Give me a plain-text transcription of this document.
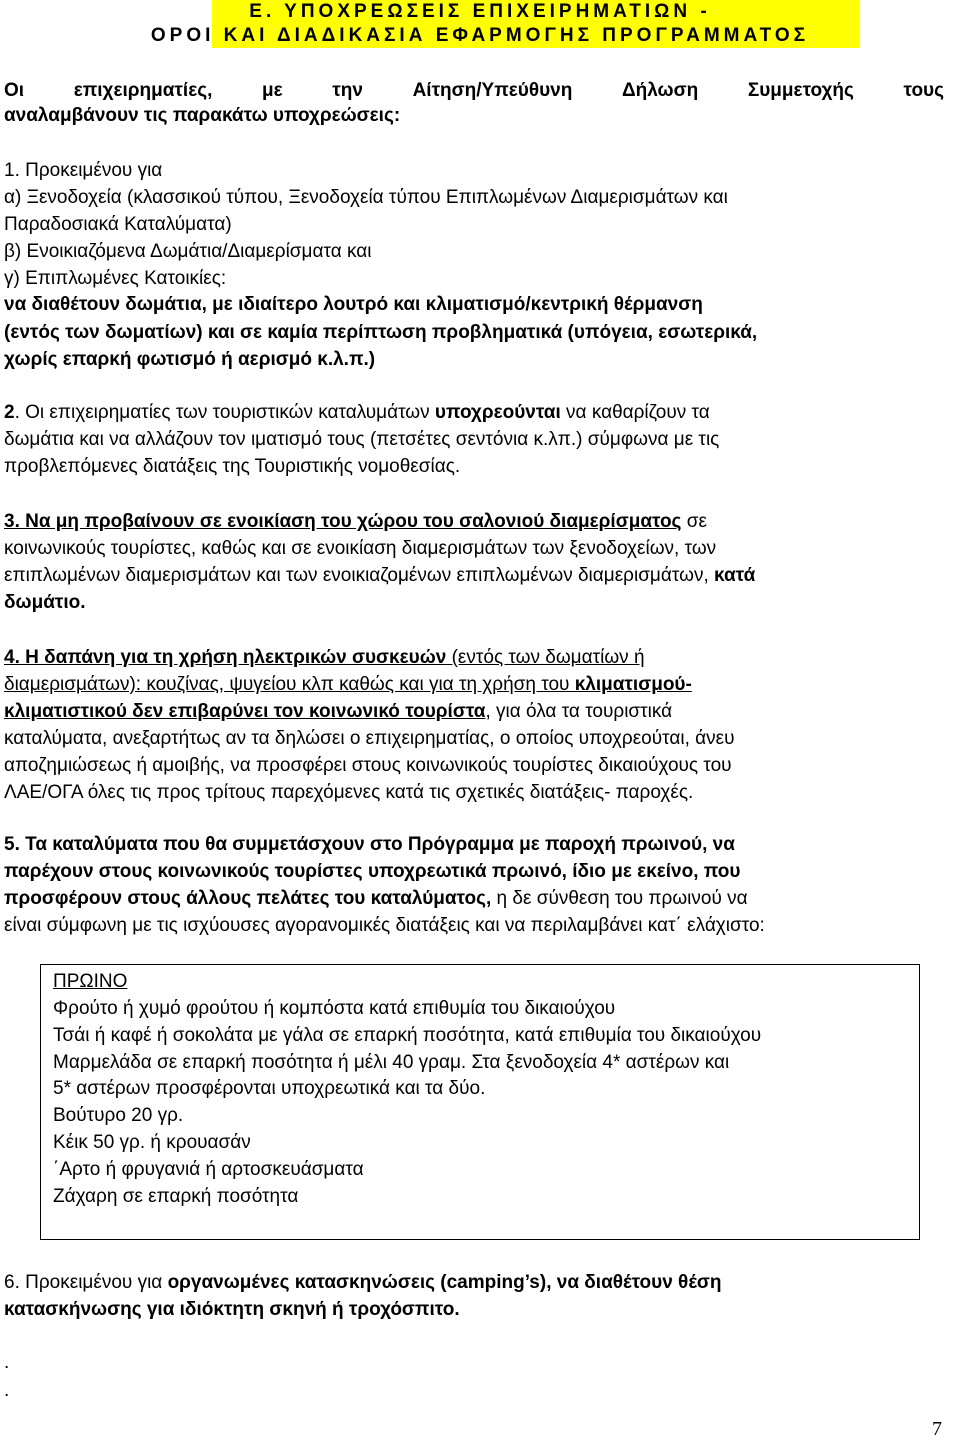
Ε. ΥΠΟΧΡΕΩΣΕΙΣ ΕΠΙΧΕΙΡΗΜΑΤΙΩΝ -
ΟΡΟΙ ΚΑΙ ΔΙΑΔΙΚΑΣΙΑ ΕΦΑΡΜΟΓΗΣ ΠΡΟΓΡΑΜΜΑΤΟΣ
Οι	επιχειρηματίες,	με	την	Αίτηση/Υπεύθυνη	Δήλωση	Συμμετοχής	τους
αναλαμβάνουν τις παρακάτω υποχρεώσεις:
1. Προκειμένου για
α) Ξενοδοχεία (κλασσικού τύπου, Ξενοδοχεία τύπου Επιπλωμένων Διαμερισμάτων και
Παραδοσιακά Καταλύματα)
β) Ενοικιαζόμενα Δωμάτια/Διαμερίσματα και
γ) Επιπλωμένες Κατοικίες:
να διαθέτουν δωμάτια, με ιδιαίτερο λουτρό και κλιματισμό/κεντρική θέρμανση
(εντός των δωματίων) και σε καμία περίπτωση προβληματικά (υπόγεια, εσωτερικά,
χωρίς επαρκή φωτισμό ή αερισμό κ.λ.π.)
2. Οι επιχειρηματίες των τουριστικών καταλυμάτων υποχρεούνται να καθαρίζουν τα
δωμάτια και να αλλάζουν τον ιματισμό τους (πετσέτες σεντόνια κ.λπ.) σύμφωνα με τις
προβλεπόμενες διατάξεις της Τουριστικής νομοθεσίας.
3. Να μη προβαίνουν σε ενοικίαση του χώρου του σαλονιού διαμερίσματος σε
κοινωνικούς τουρίστες, καθώς και σε ενοικίαση διαμερισμάτων των ξενοδοχείων, των
επιπλωμένων διαμερισμάτων και των ενοικιαζομένων επιπλωμένων διαμερισμάτων, κατά
δωμάτιο.
4. Η δαπάνη για τη χρήση ηλεκτρικών συσκευών (εντός των δωματίων ή
διαμερισμάτων): κουζίνας, ψυγείου κλπ καθώς και για τη χρήση του κλιματισμού-
κλιματιστικού δεν επιβαρύνει τον κοινωνικό τουρίστα, για όλα τα τουριστικά
καταλύματα, ανεξαρτήτως αν τα δηλώσει ο επιχειρηματίας, ο οποίος υποχρεούται, άνευ
αποζημιώσεως ή αμοιβής, να προσφέρει στους κοινωνικούς τουρίστες δικαιούχους του
ΛΑΕ/ΟΓΑ όλες τις προς τρίτους παρεχόμενες κατά τις σχετικές διατάξεις- παροχές.
5. Τα καταλύματα που θα συμμετάσχουν στο Πρόγραμμα με παροχή πρωινού, να
παρέχουν στους κοινωνικούς τουρίστες υποχρεωτικά πρωινό, ίδιο με εκείνο, που
προσφέρουν στους άλλους πελάτες του καταλύματος, η δε σύνθεση του πρωινού να
είναι σύμφωνη με τις ισχύουσες αγορανομικές διατάξεις και να περιλαμβάνει κατ΄ ελάχιστο:
ΠΡΩΙΝΟ
Φρούτο ή χυμό φρούτου ή κομπόστα κατά επιθυμία του δικαιούχου
Τσάι ή καφέ ή σοκολάτα με γάλα σε επαρκή ποσότητα, κατά επιθυμία του δικαιούχου
Μαρμελάδα σε επαρκή ποσότητα ή μέλι 40 γραμ. Στα ξενοδοχεία 4* αστέρων και
5* αστέρων προσφέρονται υποχρεωτικά και τα δύο.
Βούτυρο 20 γρ.
Κέικ 50 γρ. ή κρουασάν
΄Αρτο ή φρυγανιά ή αρτοσκευάσματα
Ζάχαρη σε επαρκή ποσότητα
6. Προκειμένου για οργανωμένες κατασκηνώσεις (camping’s), να διαθέτουν θέση
κατασκήνωσης για ιδιόκτητη σκηνή ή τροχόσπιτο.
.
.
7
